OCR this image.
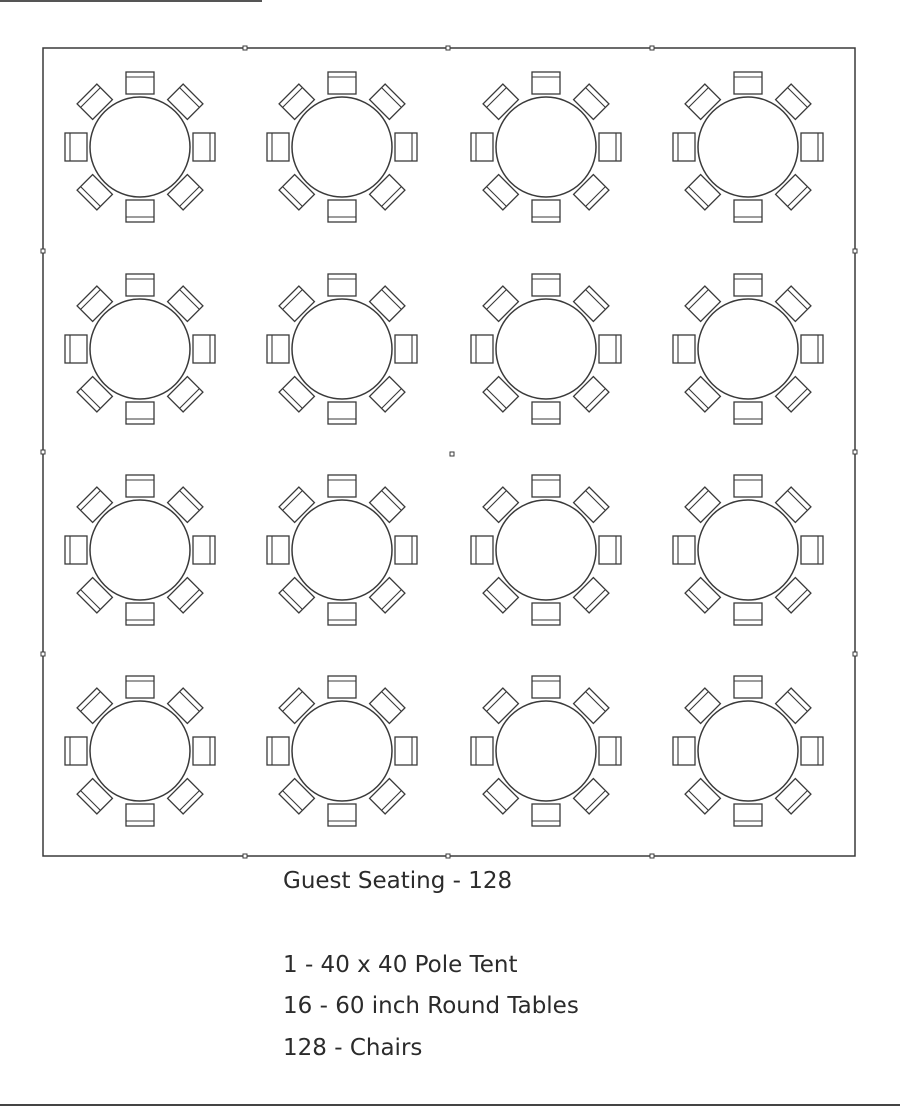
Guest Seating - 128
1 - 40 x 40 Pole Tent
16 - 60 inch Round Tables
128 - Chairs
